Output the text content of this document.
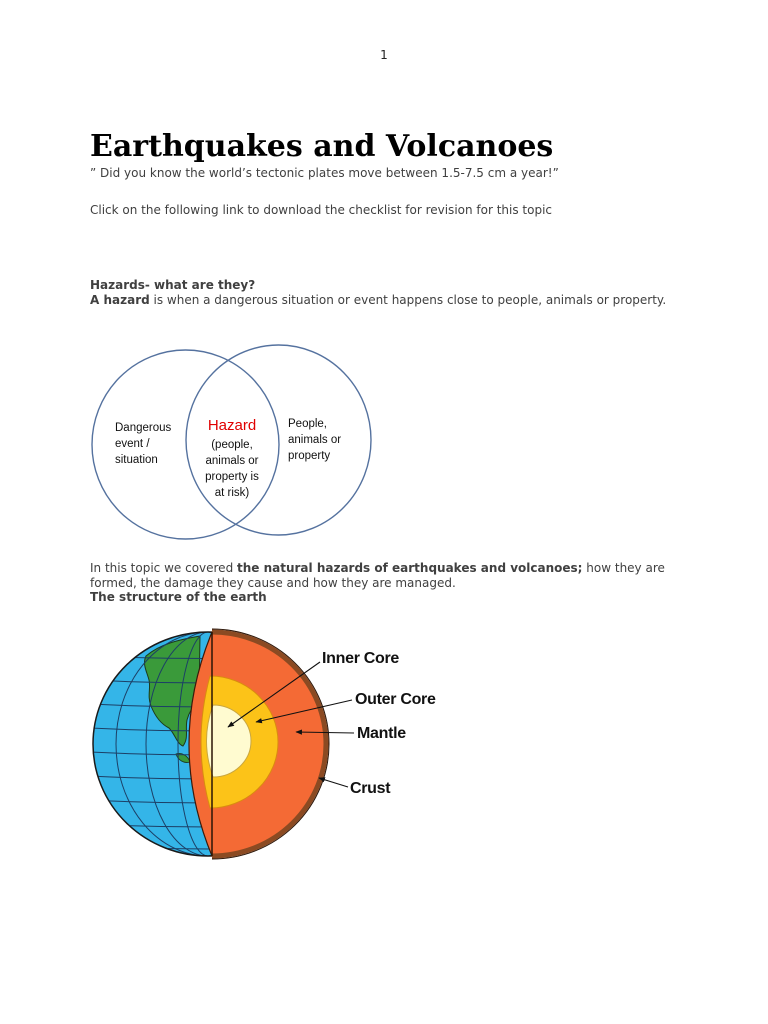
1
Earthquakes and Volcanoes
” Did you know the world’s tectonic plates move between 1.5-7.5 cm a year!”
Click on the following link to download the checklist for revision for this topic
Hazards- what are they?
A hazard is when a dangerous situation or event happens close to people, animals or property.
Dangerous
event /
situation
Hazard
(people,
animals or
property is
at risk)
People,
animals or
property

In this topic we covered the natural hazards of earthquakes and volcanoes; how they are formed, the damage they cause and how they are managed.

The structure of the earth
Inner Core
Outer Core
Mantle
Crust
